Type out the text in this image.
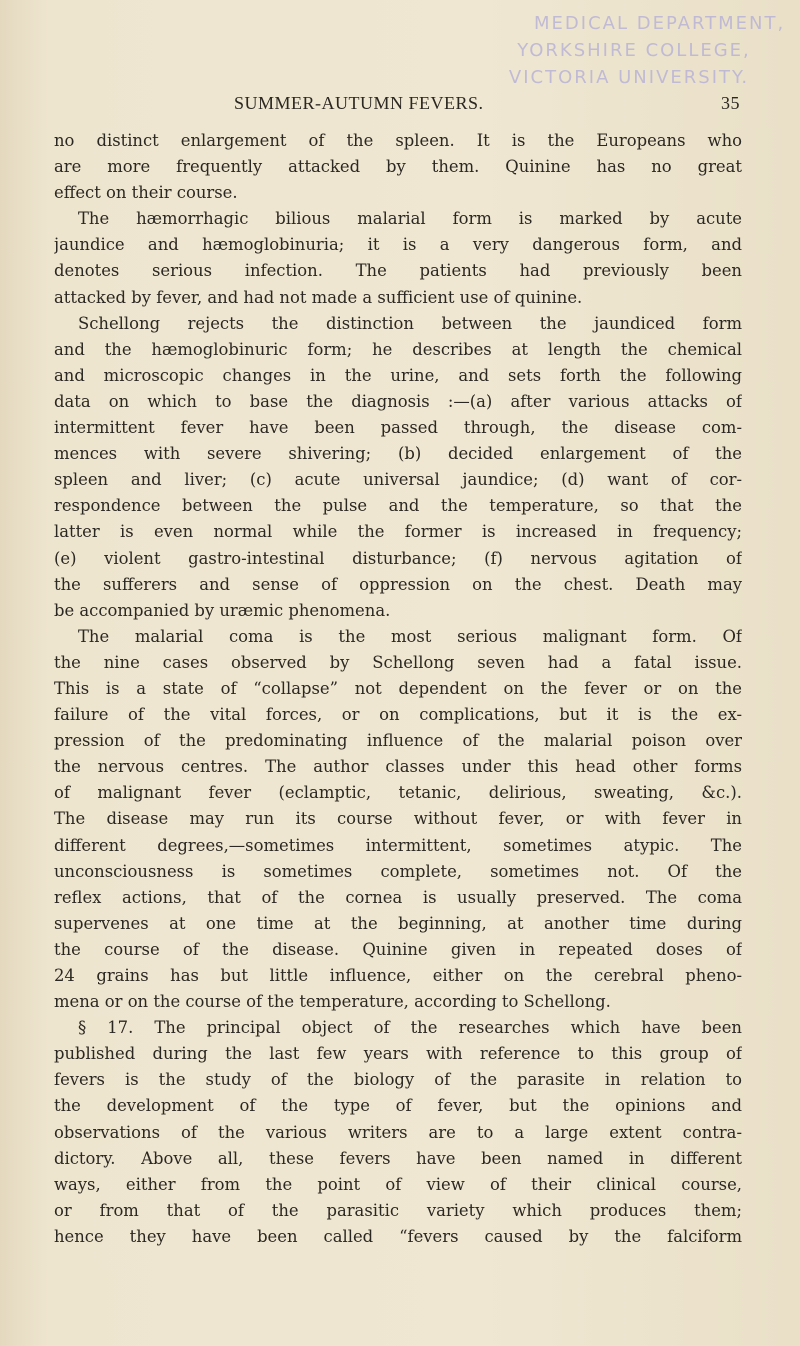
MEDICAL DEPARTMENT,
YORKSHIRE COLLEGE,
VICTORIA UNIVERSITY.
SUMMER-AUTUMN FEVERS.	35
no distinct enlargement of the spleen. It is the Europeans who
are more frequently attacked by them. Quinine has no great
effect on their course.
The hæmorrhagic bilious malarial form is marked by acute
jaundice and hæmoglobinuria; it is a very dangerous form, and
denotes serious infection. The patients had previously been
attacked by fever, and had not made a sufficient use of quinine.
Schellong rejects the distinction between the jaundiced form
and the hæmoglobinuric form; he describes at length the chemical
and microscopic changes in the urine, and sets forth the following
data on which to base the diagnosis :—(a) after various attacks of
intermittent fever have been passed through, the disease com-
mences with severe shivering; (b) decided enlargement of the
spleen and liver; (c) acute universal jaundice; (d) want of cor-
respondence between the pulse and the temperature, so that the
latter is even normal while the former is increased in frequency;
(e) violent gastro-intestinal disturbance; (f) nervous agitation of
the sufferers and sense of oppression on the chest. Death may
be accompanied by uræmic phenomena.
The malarial coma is the most serious malignant form. Of
the nine cases observed by Schellong seven had a fatal issue.
This is a state of “collapse” not dependent on the fever or on the
failure of the vital forces, or on complications, but it is the ex-
pression of the predominating influence of the malarial poison over
the nervous centres. The author classes under this head other forms
of malignant fever (eclamptic, tetanic, delirious, sweating, &c.).
The disease may run its course without fever, or with fever in
different degrees,—sometimes intermittent, sometimes atypic. The
unconsciousness is sometimes complete, sometimes not. Of the
reflex actions, that of the cornea is usually preserved. The coma
supervenes at one time at the beginning, at another time during
the course of the disease. Quinine given in repeated doses of
24 grains has but little influence, either on the cerebral pheno-
mena or on the course of the temperature, according to Schellong.
§ 17. The principal object of the researches which have been
published during the last few years with reference to this group of
fevers is the study of the biology of the parasite in relation to
the development of the type of fever, but the opinions and
observations of the various writers are to a large extent contra-
dictory. Above all, these fevers have been named in different
ways, either from the point of view of their clinical course,
or from that of the parasitic variety which produces them;
hence they have been called “fevers caused by the falciform
